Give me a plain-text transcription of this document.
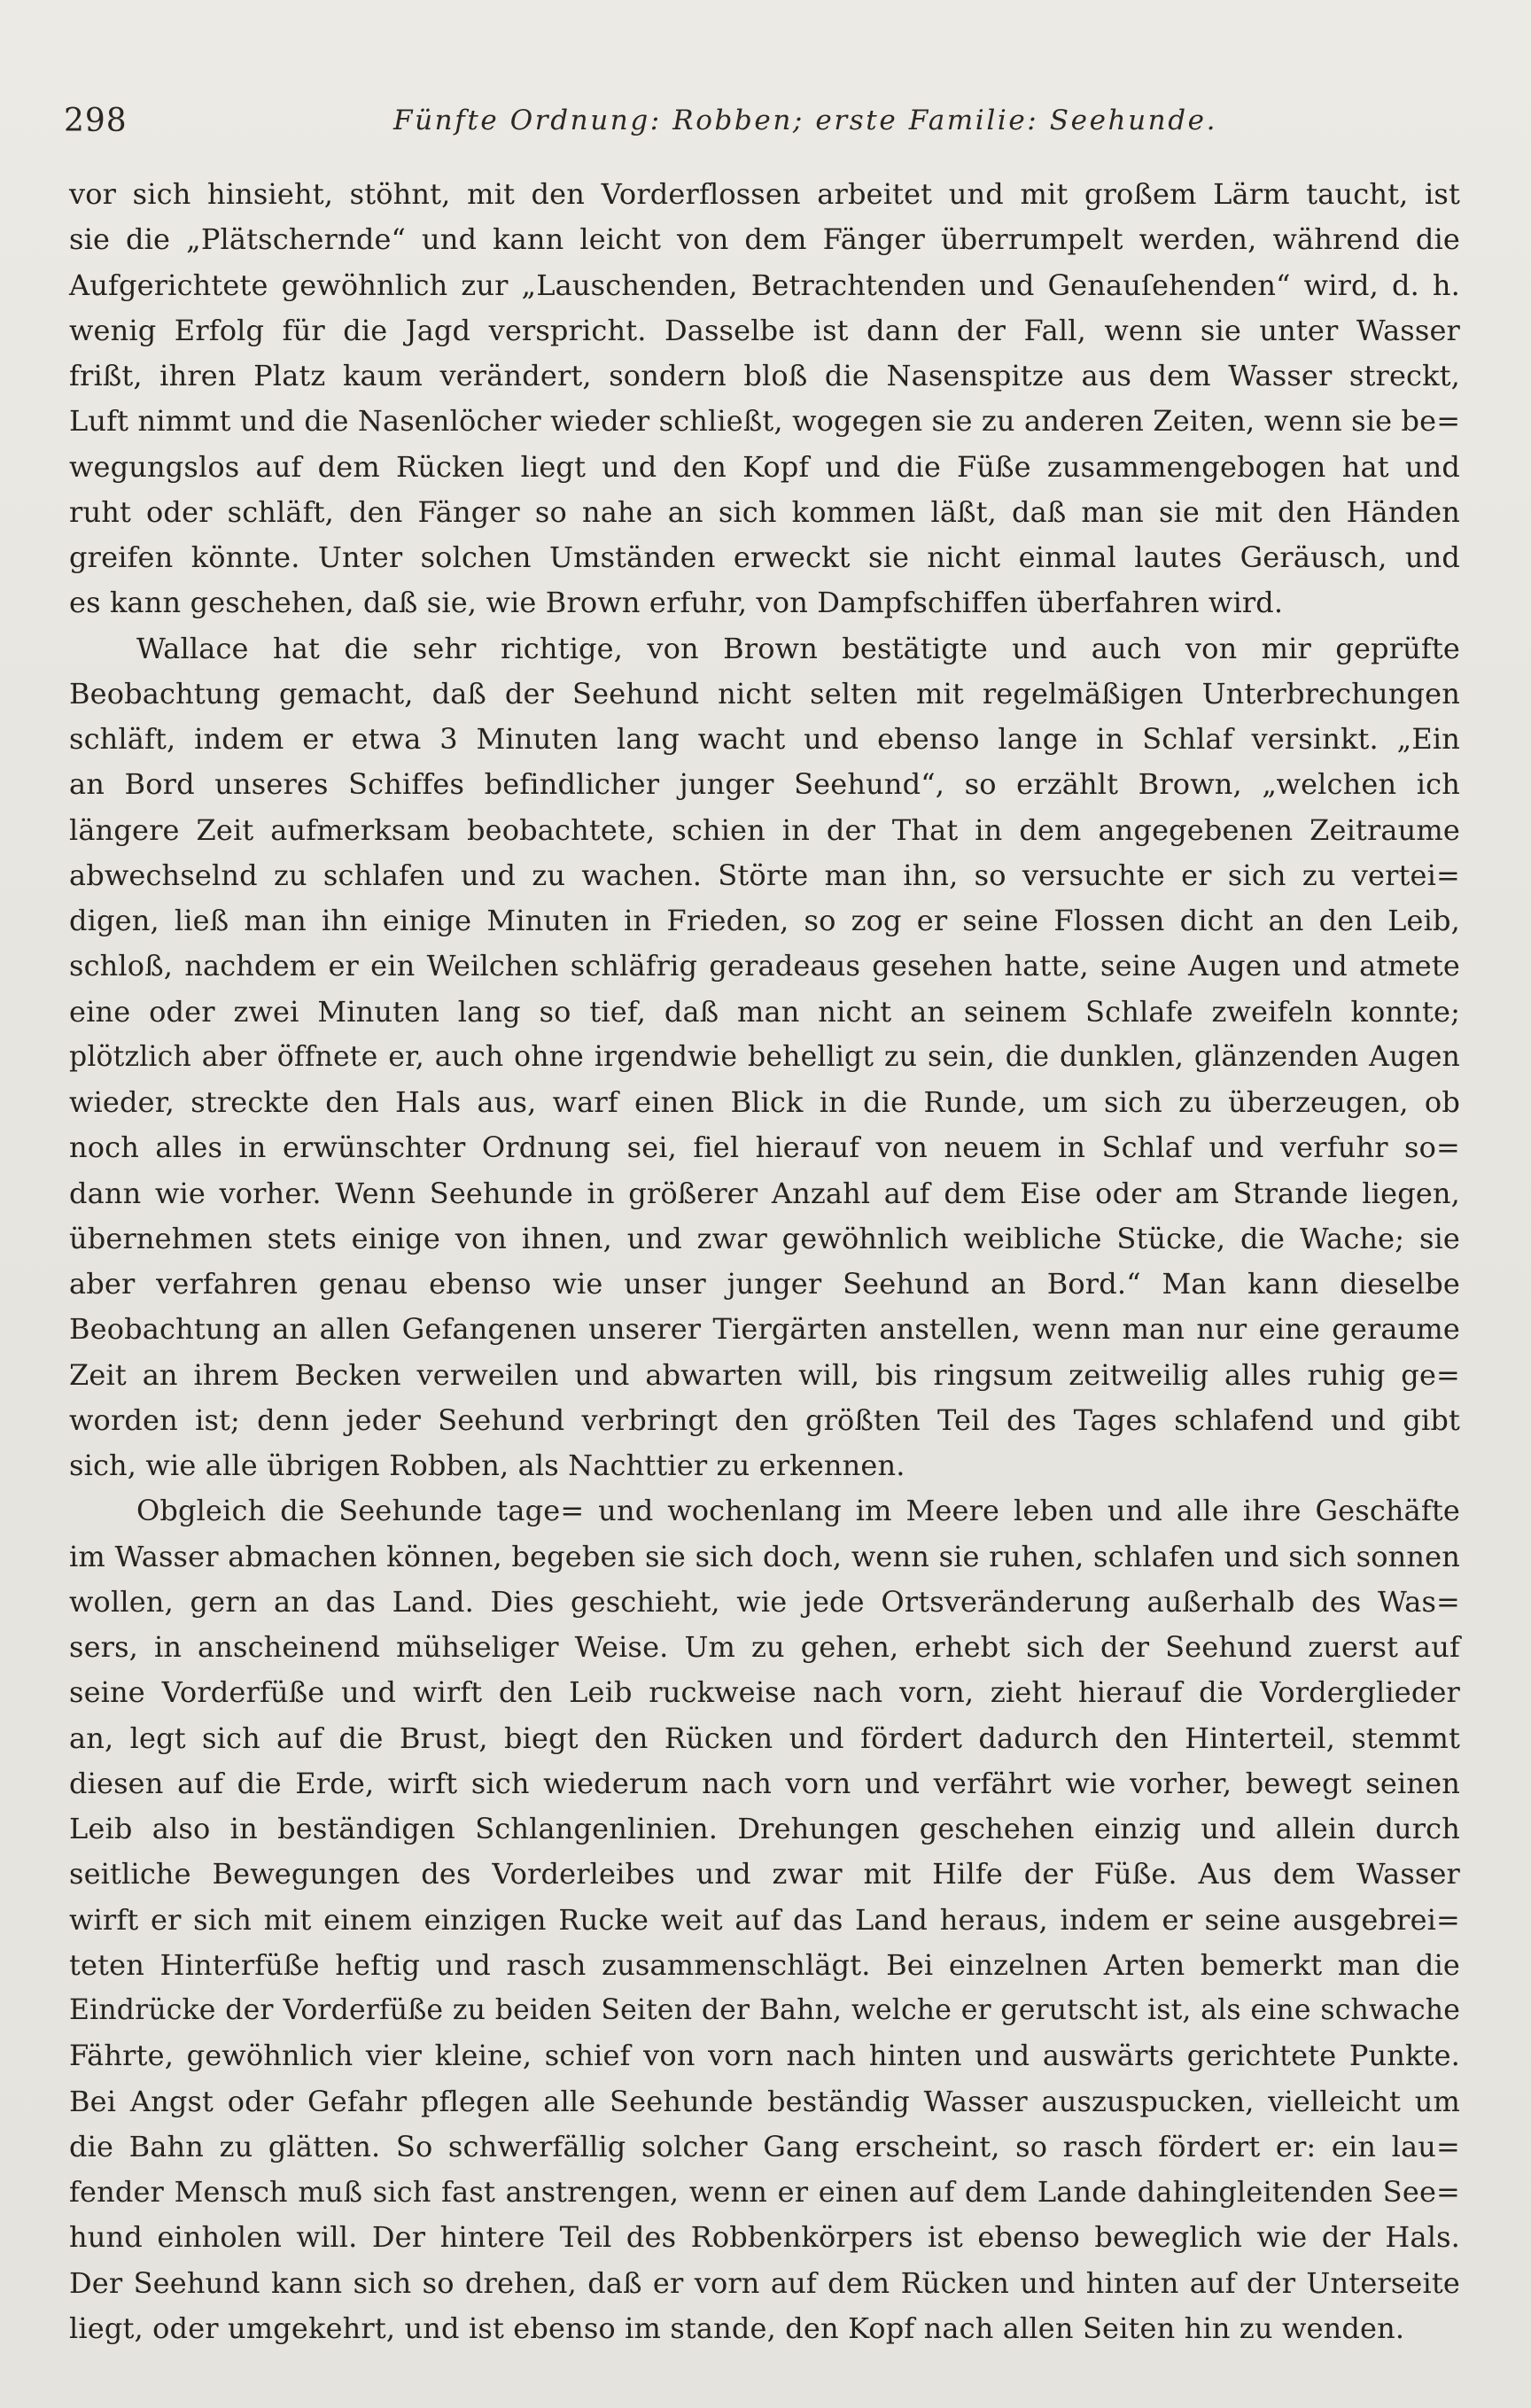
298	Fünfte Ordnung: Robben; erste Familie: Seehunde.
vor sich hinsieht, stöhnt, mit den Vorderflossen arbeitet und mit großem Lärm taucht, ist
sie die „Plätschernde“ und kann leicht von dem Fänger überrumpelt werden, während die
Aufgerichtete gewöhnlich zur „Lauschenden, Betrachtenden und Genauſehenden“ wird, d. h.
wenig Erfolg für die Jagd verspricht. Dasselbe ist dann der Fall, wenn sie unter Wasser
frißt, ihren Platz kaum verändert, sondern bloß die Nasenspitze aus dem Wasser streckt,
Luft nimmt und die Nasenlöcher wieder schließt, wogegen sie zu anderen Zeiten, wenn sie be=
wegungslos auf dem Rücken liegt und den Kopf und die Füße zusammengebogen hat und
ruht oder schläft, den Fänger so nahe an sich kommen läßt, daß man sie mit den Händen
greifen könnte. Unter solchen Umständen erweckt sie nicht einmal lautes Geräusch, und
es kann geschehen, daß sie, wie Brown erfuhr, von Dampfschiffen überfahren wird.
Wallace hat die sehr richtige, von Brown bestätigte und auch von mir geprüfte
Beobachtung gemacht, daß der Seehund nicht selten mit regelmäßigen Unterbrechungen
schläft, indem er etwa 3 Minuten lang wacht und ebenso lange in Schlaf versinkt. „Ein
an Bord unseres Schiffes befindlicher junger Seehund“, so erzählt Brown, „welchen ich
längere Zeit aufmerksam beobachtete, schien in der That in dem angegebenen Zeitraume
abwechselnd zu schlafen und zu wachen. Störte man ihn, so versuchte er sich zu vertei=
digen, ließ man ihn einige Minuten in Frieden, so zog er seine Flossen dicht an den Leib,
schloß, nachdem er ein Weilchen schläfrig geradeaus gesehen hatte, seine Augen und atmete
eine oder zwei Minuten lang so tief, daß man nicht an seinem Schlafe zweifeln konnte;
plötzlich aber öffnete er, auch ohne irgendwie behelligt zu sein, die dunklen, glänzenden Augen
wieder, streckte den Hals aus, warf einen Blick in die Runde, um sich zu überzeugen, ob
noch alles in erwünschter Ordnung sei, fiel hierauf von neuem in Schlaf und verfuhr so=
dann wie vorher. Wenn Seehunde in größerer Anzahl auf dem Eise oder am Strande liegen,
übernehmen stets einige von ihnen, und zwar gewöhnlich weibliche Stücke, die Wache; sie
aber verfahren genau ebenso wie unser junger Seehund an Bord.“ Man kann dieselbe
Beobachtung an allen Gefangenen unserer Tiergärten anstellen, wenn man nur eine geraume
Zeit an ihrem Becken verweilen und abwarten will, bis ringsum zeitweilig alles ruhig ge=
worden ist; denn jeder Seehund verbringt den größten Teil des Tages schlafend und gibt
sich, wie alle übrigen Robben, als Nachttier zu erkennen.
Obgleich die Seehunde tage= und wochenlang im Meere leben und alle ihre Geschäfte
im Wasser abmachen können, begeben sie sich doch, wenn sie ruhen, schlafen und sich sonnen
wollen, gern an das Land. Dies geschieht, wie jede Ortsveränderung außerhalb des Was=
sers, in anscheinend mühseliger Weise. Um zu gehen, erhebt sich der Seehund zuerst auf
seine Vorderfüße und wirft den Leib ruckweise nach vorn, zieht hierauf die Vorderglieder
an, legt sich auf die Brust, biegt den Rücken und fördert dadurch den Hinterteil, stemmt
diesen auf die Erde, wirft sich wiederum nach vorn und verfährt wie vorher, bewegt seinen
Leib also in beständigen Schlangenlinien. Drehungen geschehen einzig und allein durch
seitliche Bewegungen des Vorderleibes und zwar mit Hilfe der Füße. Aus dem Wasser
wirft er sich mit einem einzigen Rucke weit auf das Land heraus, indem er seine ausgebrei=
teten Hinterfüße heftig und rasch zusammenschlägt. Bei einzelnen Arten bemerkt man die
Eindrücke der Vorderfüße zu beiden Seiten der Bahn, welche er gerutscht ist, als eine schwache
Fährte, gewöhnlich vier kleine, schief von vorn nach hinten und auswärts gerichtete Punkte.
Bei Angst oder Gefahr pflegen alle Seehunde beständig Wasser auszuspucken, vielleicht um
die Bahn zu glätten. So schwerfällig solcher Gang erscheint, so rasch fördert er: ein lau=
fender Mensch muß sich fast anstrengen, wenn er einen auf dem Lande dahingleitenden See=
hund einholen will. Der hintere Teil des Robbenkörpers ist ebenso beweglich wie der Hals.
Der Seehund kann sich so drehen, daß er vorn auf dem Rücken und hinten auf der Unterseite
liegt, oder umgekehrt, und ist ebenso im stande, den Kopf nach allen Seiten hin zu wenden.
